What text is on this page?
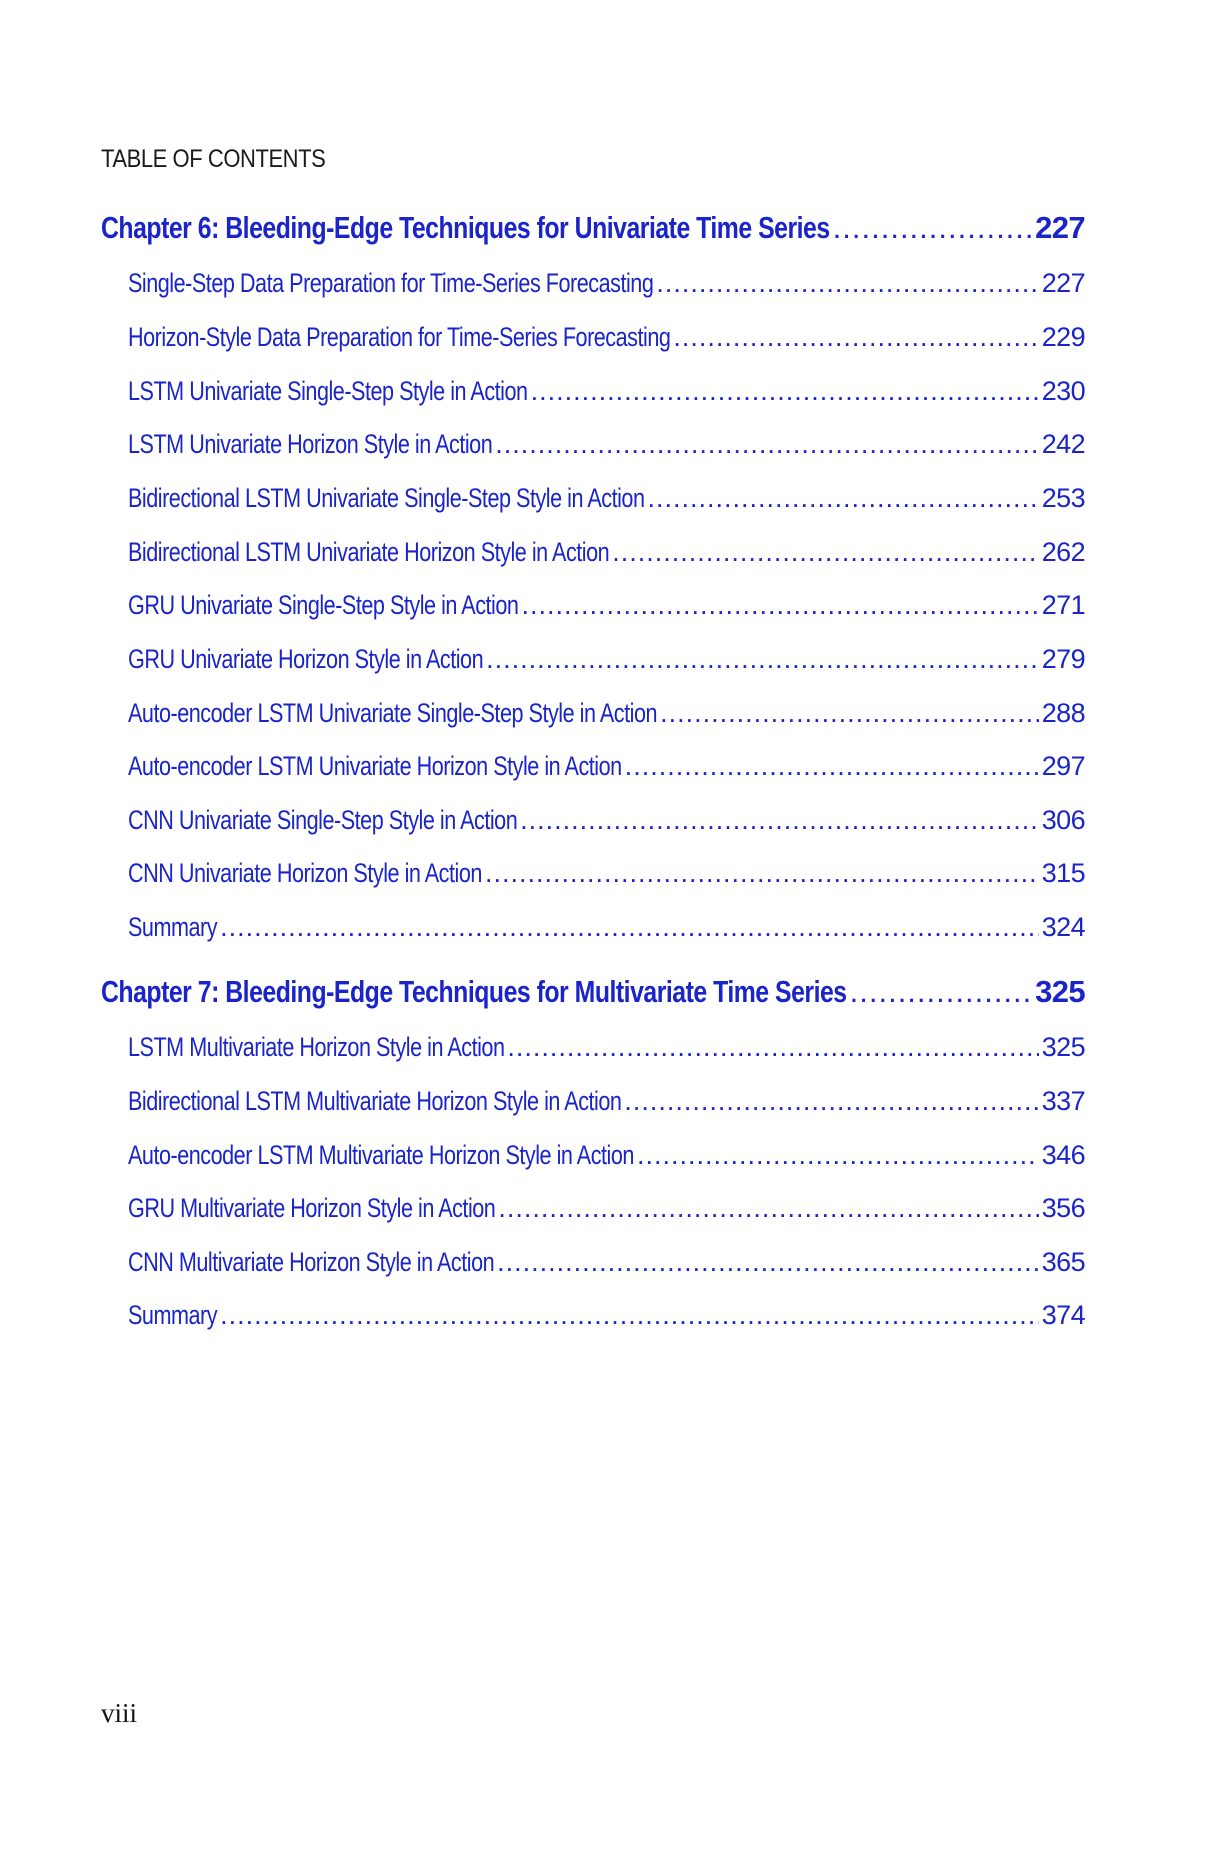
TABLE OF CONTENTS
Chapter 6: Bleeding-Edge Techniques for Univariate Time Series .....	227
Single-Step Data Preparation for Time-Series Forecasting .....	227
Horizon-Style Data Preparation for Time-Series Forecasting .....	229
LSTM Univariate Single-Step Style in Action .....	230
LSTM Univariate Horizon Style in Action .....	242
Bidirectional LSTM Univariate Single-Step Style in Action .....	253
Bidirectional LSTM Univariate Horizon Style in Action .....	262
GRU Univariate Single-Step Style in Action .....	271
GRU Univariate Horizon Style in Action .....	279
Auto-encoder LSTM Univariate Single-Step Style in Action .....	288
Auto-encoder LSTM Univariate Horizon Style in Action .....	297
CNN Univariate Single-Step Style in Action .....	306
CNN Univariate Horizon Style in Action .....	315
Summary .....	324
Chapter 7: Bleeding-Edge Techniques for Multivariate Time Series .....	325
LSTM Multivariate Horizon Style in Action .....	325
Bidirectional LSTM Multivariate Horizon Style in Action .....	337
Auto-encoder LSTM Multivariate Horizon Style in Action .....	346
GRU Multivariate Horizon Style in Action .....	356
CNN Multivariate Horizon Style in Action .....	365
Summary .....	374
viii
